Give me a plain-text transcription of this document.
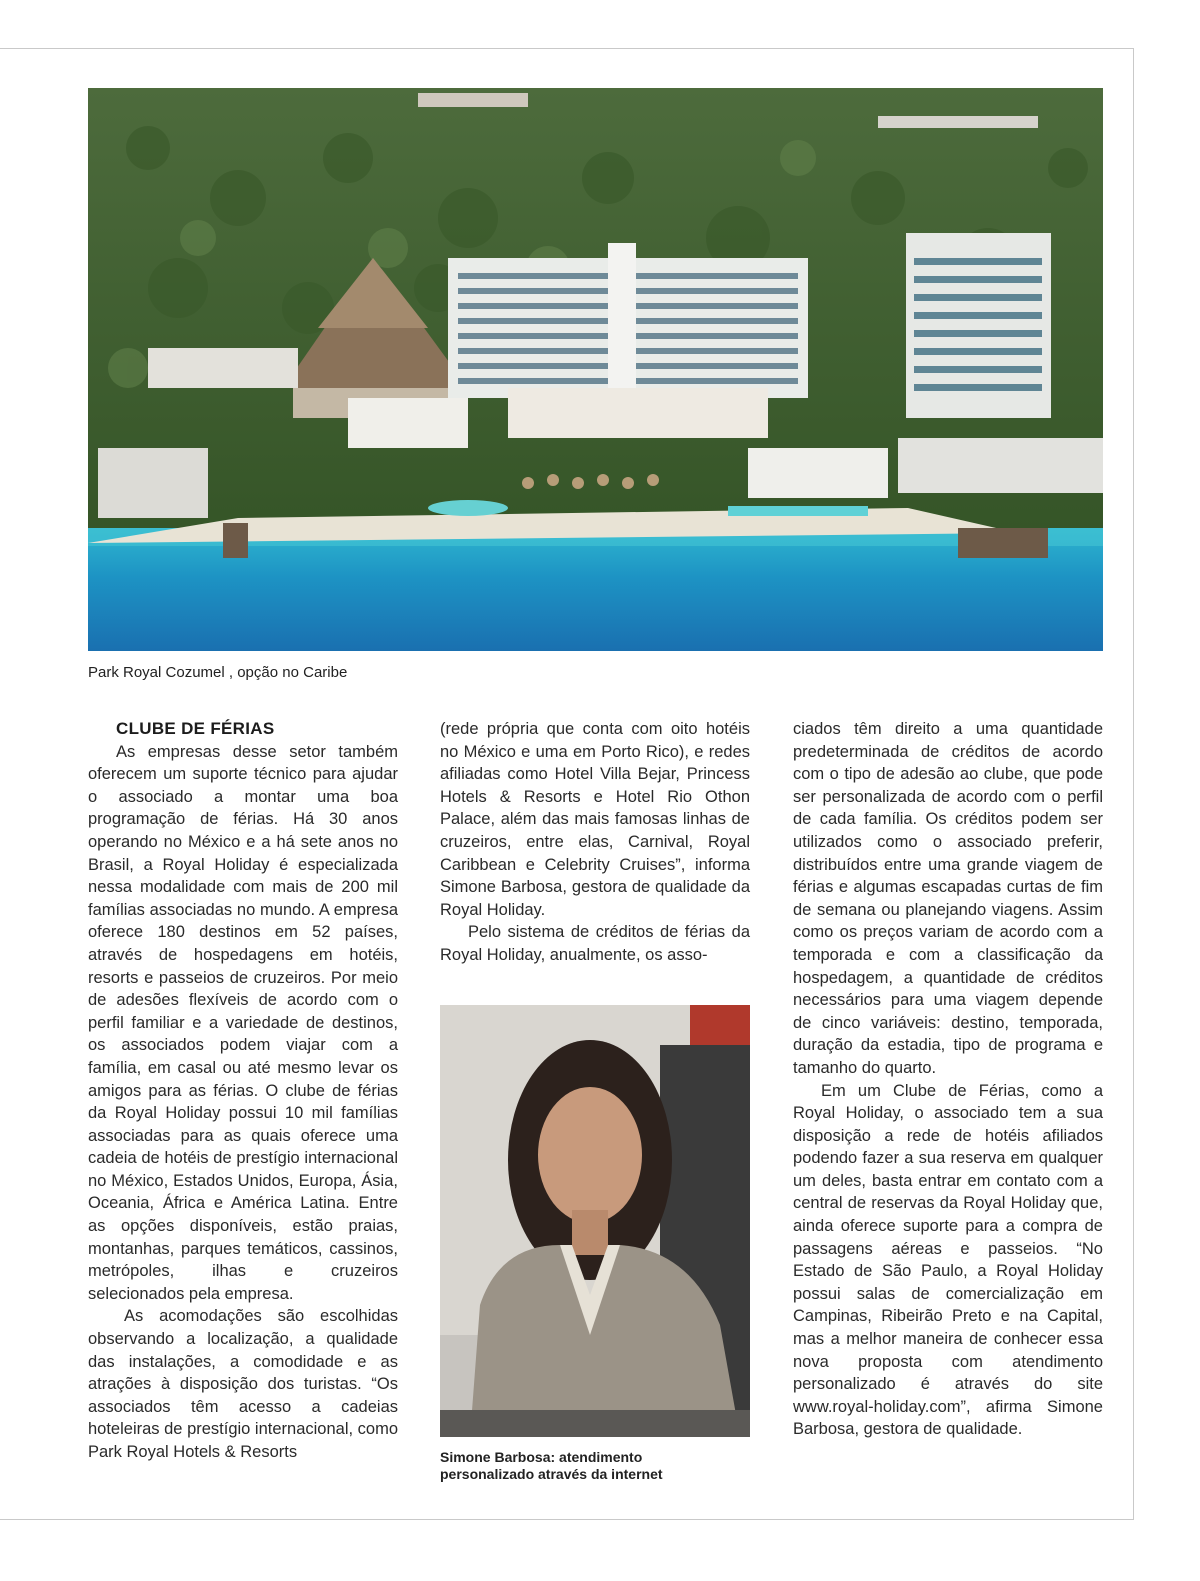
Park Royal Cozumel , opção no Caribe
CLUBE DE FÉRIAS

As empresas desse setor também oferecem um suporte técnico para ajudar o associado a montar uma boa programação de férias. Há 30 anos operando no México e a há sete anos no Brasil, a Royal Holiday é especializada nessa modalidade com mais de 200 mil famílias associadas no mundo. A empresa oferece 180 destinos em 52 países, através de hospedagens em hotéis, resorts e passeios de cruzeiros. Por meio de adesões flexíveis de acordo com o perfil familiar e a variedade de destinos, os associados podem viajar com a família, em casal ou até mesmo levar os amigos para as férias. O clube de férias da Royal Holiday possui 10 mil famílias associadas para as quais oferece uma cadeia de hotéis de prestígio internacional no México, Estados Unidos, Europa, Ásia, Oceania, África e América Latina. Entre as opções disponíveis, estão praias, montanhas, parques temáticos, cassinos, metrópoles, ilhas e cruzeiros selecionados pela empresa.

As acomodações são escolhidas observando a localização, a qualidade das instalações, a comodidade e as atrações à disposição dos turistas. “Os associados têm acesso a cadeias hoteleiras de prestígio internacional, como Park Royal Hotels & Resorts

(rede própria que conta com oito hotéis no México e uma em Porto Rico), e redes afiliadas como Hotel Villa Bejar, Princess Hotels & Resorts e Hotel Rio Othon Palace, além das mais famosas linhas de cruzeiros, entre elas, Carnival, Royal Caribbean e Celebrity Cruises”, informa Simone Barbosa, gestora de qualidade da Royal Holiday.

Pelo sistema de créditos de férias da Royal Holiday, anualmente, os asso-

Simone Barbosa: atendimento
personalizado através da internet

ciados têm direito a uma quantidade predeterminada de créditos de acordo com o tipo de adesão ao clube, que pode ser personalizada de acordo com o perfil de cada família. Os créditos podem ser utilizados como o associado preferir, distribuídos entre uma grande viagem de férias e algumas escapadas curtas de fim de semana ou planejando viagens. Assim como os preços variam de acordo com a temporada e com a classificação da hospedagem, a quantidade de créditos necessários para uma viagem depende de cinco variáveis: destino, temporada, duração da estadia, tipo de programa e tamanho do quarto.

Em um Clube de Férias, como a Royal Holiday, o associado tem a sua disposição a rede de hotéis afiliados podendo fazer a sua reserva em qualquer um deles, basta entrar em contato com a central de reservas da Royal Holiday que, ainda oferece suporte para a compra de passagens aéreas e passeios. “No Estado de São Paulo, a Royal Holiday possui salas de comercialização em Campinas, Ribeirão Preto e na Capital, mas a melhor maneira de conhecer essa nova proposta com atendimento personalizado é através do site www.royal-holiday.com”, afirma Simone Barbosa, gestora de qualidade.
